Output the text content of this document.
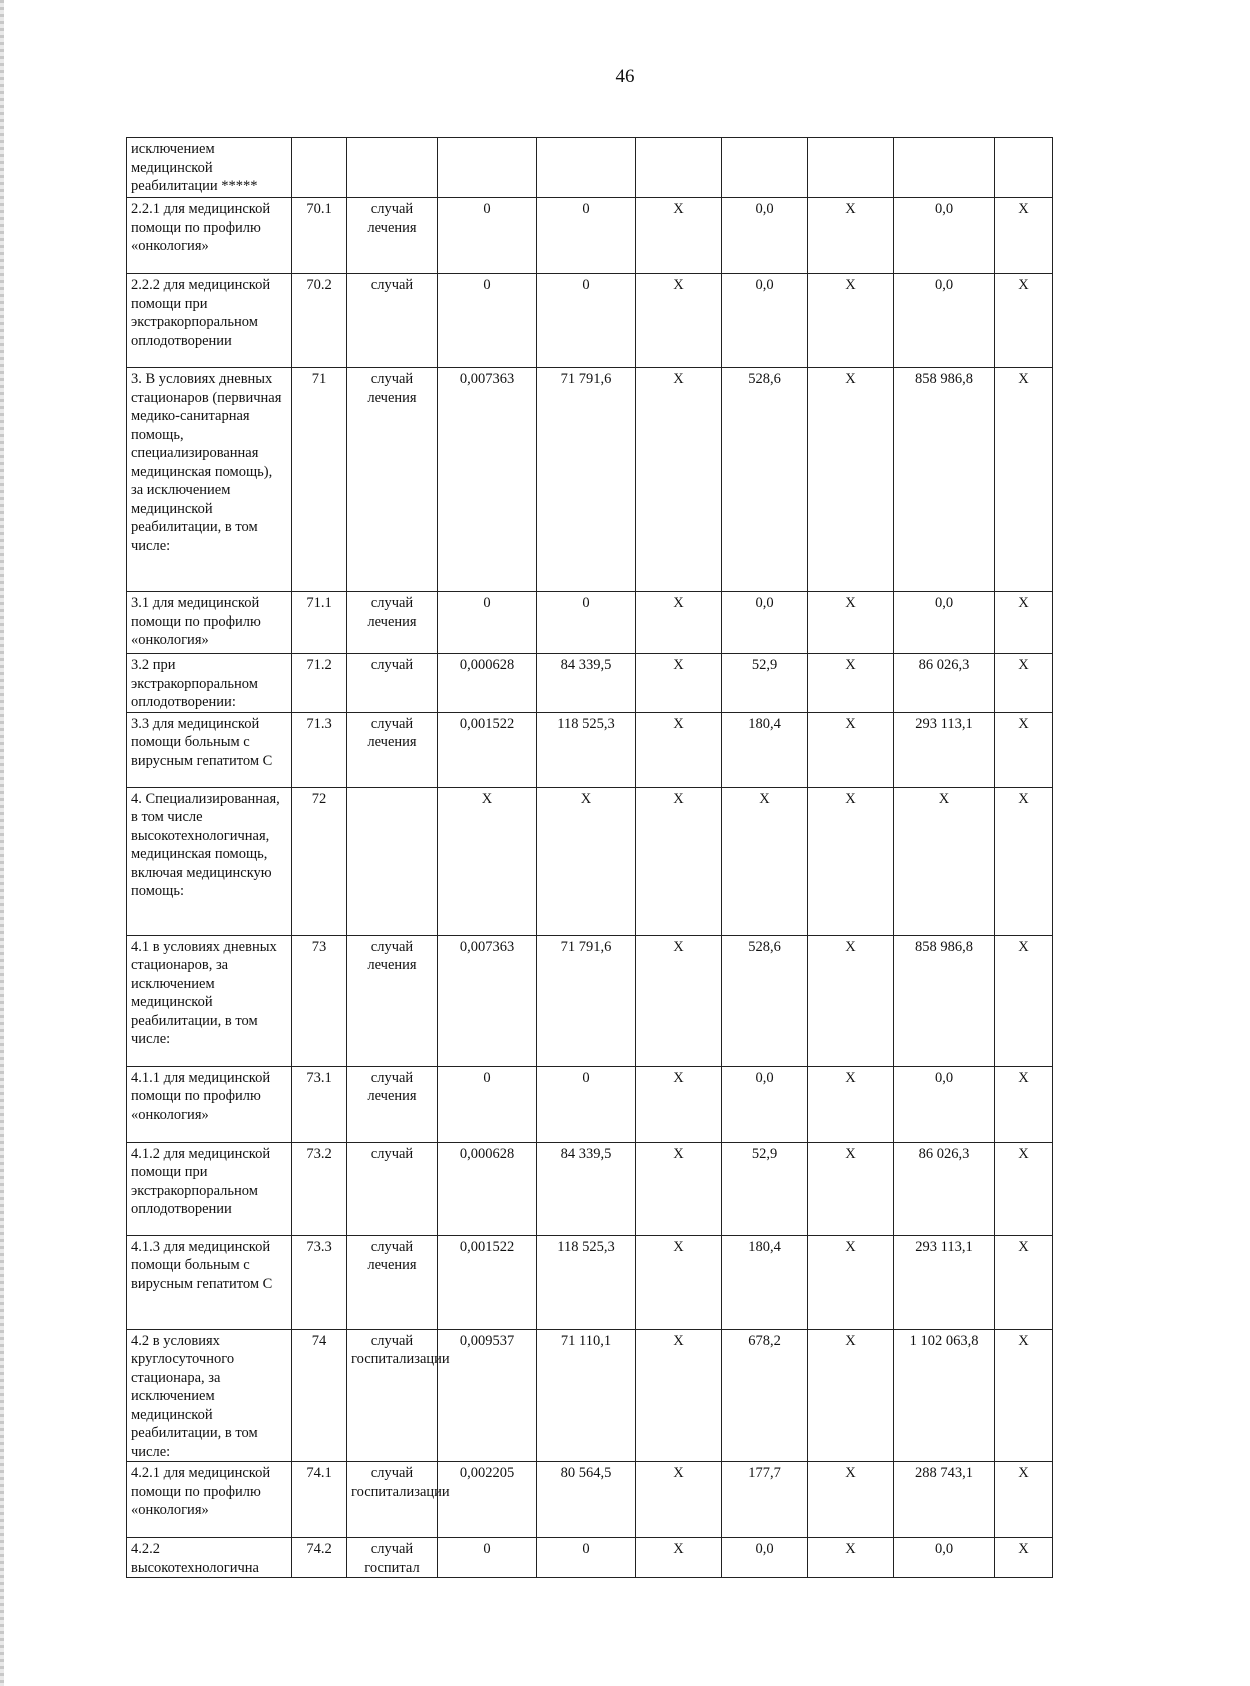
46
исключением медицинской реабилитации *****									
2.2.1 для медицинской помощи по профилю «онкология»	70.1	случай лечения	0	0	X	0,0	X	0,0	X
2.2.2 для медицинской помощи при экстракорпоральном оплодотворении	70.2	случай	0	0	X	0,0	X	0,0	X
3. В условиях дневных стационаров (первичная медико-санитарная помощь, специализированная медицинская помощь), за исключением медицинской реабилитации, в том числе:	71	случай лечения	0,007363	71 791,6	X	528,6	X	858 986,8	X
3.1 для медицинской помощи по профилю «онкология»	71.1	случай лечения	0	0	X	0,0	X	0,0	X
3.2 при экстракорпоральном оплодотворении:	71.2	случай	0,000628	84 339,5	X	52,9	X	86 026,3	X
3.3 для медицинской помощи больным с вирусным гепатитом С	71.3	случай лечения	0,001522	118 525,3	X	180,4	X	293 113,1	X
4. Специализированная, в том числе высокотехнологичная, медицинская помощь, включая медицинскую помощь:	72		X	X	X	X	X	X	X
4.1 в условиях дневных стационаров, за исключением медицинской реабилитации, в том числе:	73	случай лечения	0,007363	71 791,6	X	528,6	X	858 986,8	X
4.1.1 для медицинской помощи по профилю «онкология»	73.1	случай лечения	0	0	X	0,0	X	0,0	X
4.1.2 для медицинской помощи при экстракорпоральном оплодотворении	73.2	случай	0,000628	84 339,5	X	52,9	X	86 026,3	X
4.1.3 для медицинской помощи больным с вирусным гепатитом С	73.3	случай лечения	0,001522	118 525,3	X	180,4	X	293 113,1	X
4.2 в условиях круглосуточного стационара, за исключением медицинской реабилитации, в том числе:	74	случай госпитализации	0,009537	71 110,1	X	678,2	X	1 102 063,8	X
4.2.1 для медицинской помощи по профилю «онкология»	74.1	случай госпитализации	0,002205	80 564,5	X	177,7	X	288 743,1	X
4.2.2 высокотехнологична	74.2	случай госпитал	0	0	X	0,0	X	0,0	X
